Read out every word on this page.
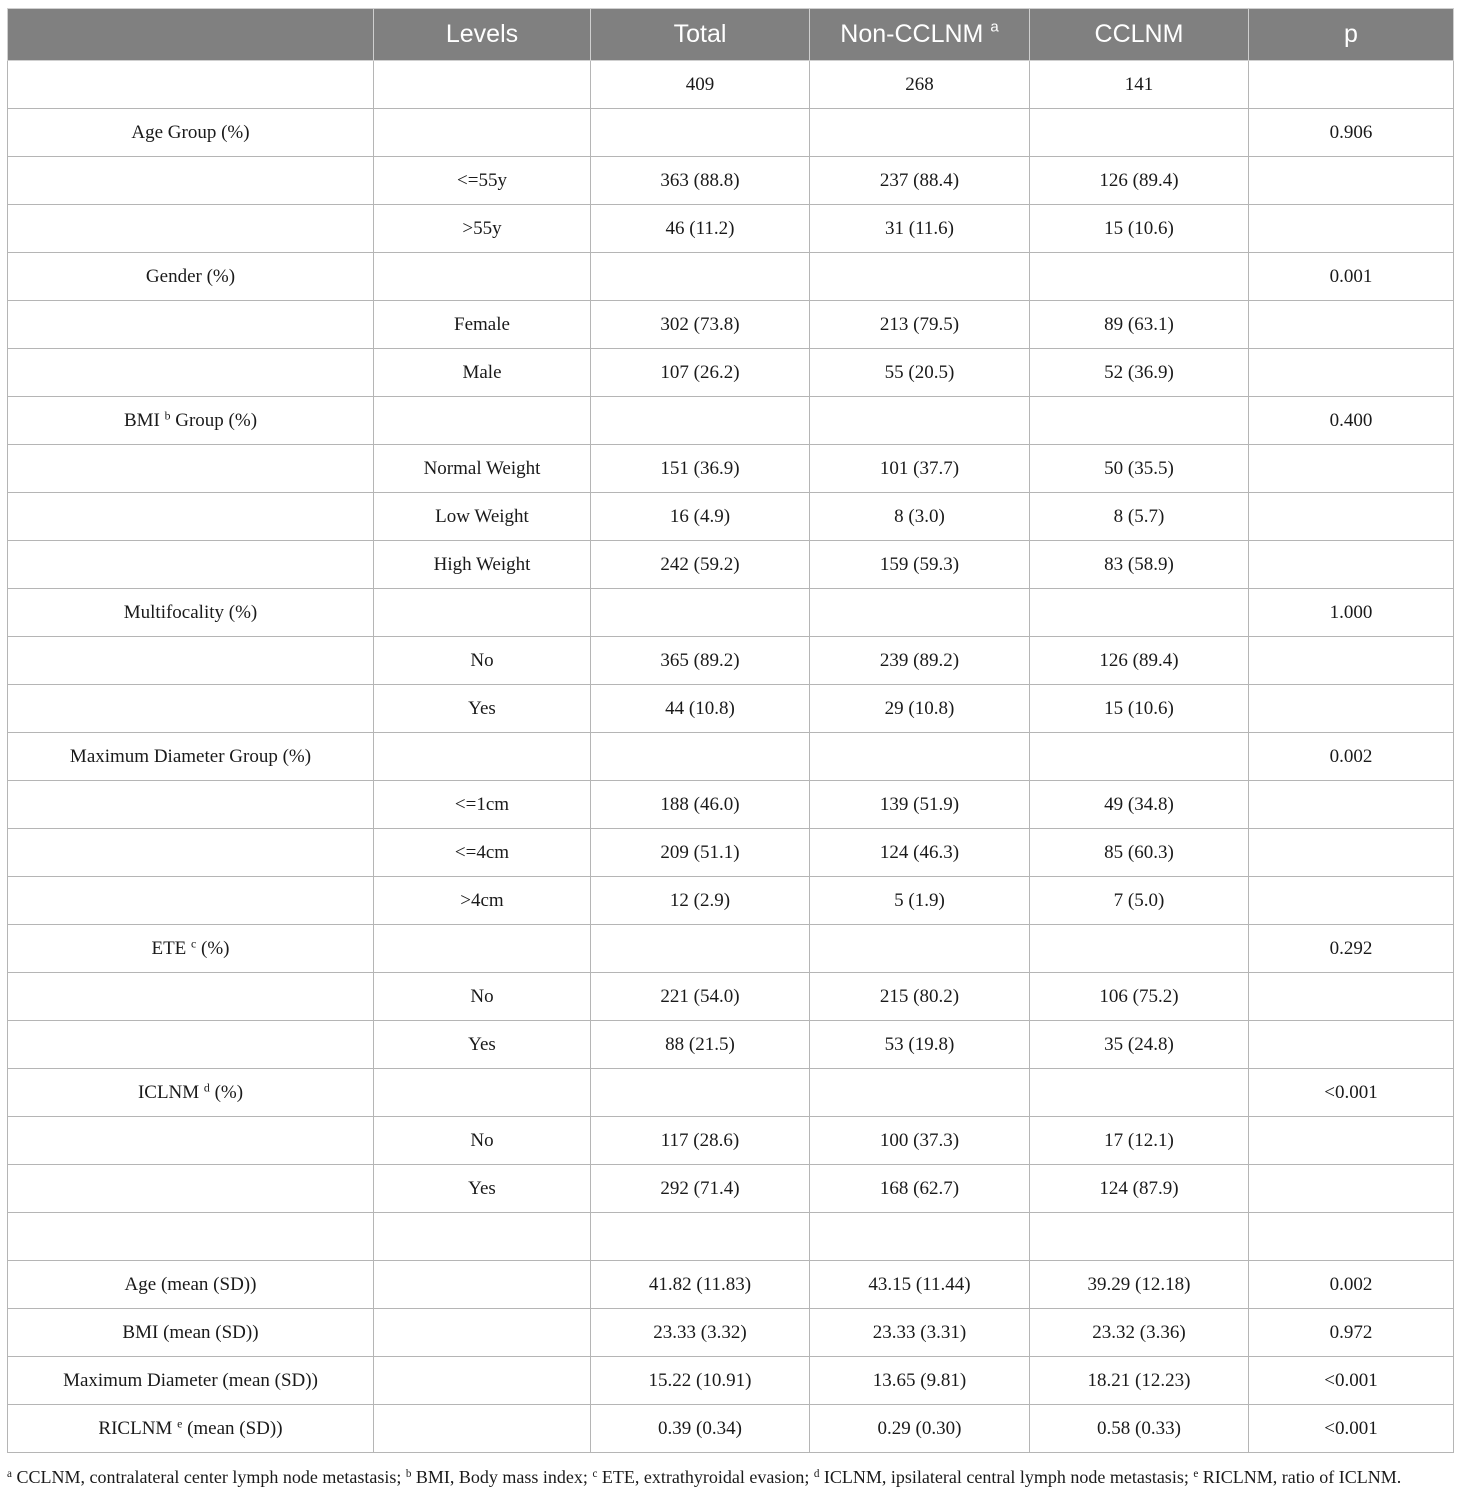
	Levels	Total	Non-CCLNM $^a$	CCLNM	p
		409	268	141	
Age Group (%)					0.906
	<=55y	363 (88.8)	237 (88.4)	126 (89.4)	
	>55y	46 (11.2)	31 (11.6)	15 (10.6)	
Gender (%)					0.001
	Female	302 (73.8)	213 (79.5)	89 (63.1)	
	Male	107 (26.2)	55 (20.5)	52 (36.9)	
BMI $^b$ Group (%)					0.400
	Normal Weight	151 (36.9)	101 (37.7)	50 (35.5)	
	Low Weight	16 (4.9)	8 (3.0)	8 (5.7)	
	High Weight	242 (59.2)	159 (59.3)	83 (58.9)	
Multifocality (%)					1.000
	No	365 (89.2)	239 (89.2)	126 (89.4)	
	Yes	44 (10.8)	29 (10.8)	15 (10.6)	
Maximum Diameter Group (%)					0.002
	<=1cm	188 (46.0)	139 (51.9)	49 (34.8)	
	<=4cm	209 (51.1)	124 (46.3)	85 (60.3)	
	>4cm	12 (2.9)	5 (1.9)	7 (5.0)	
ETE $^c$ (%)					0.292
	No	221 (54.0)	215 (80.2)	106 (75.2)	
	Yes	88 (21.5)	53 (19.8)	35 (24.8)	
ICLNM $^d$ (%)					<0.001
	No	117 (28.6)	100 (37.3)	17 (12.1)	
	Yes	292 (71.4)	168 (62.7)	124 (87.9)	

Age (mean (SD))		41.82 (11.83)	43.15 (11.44)	39.29 (12.18)	0.002
BMI (mean (SD))		23.33 (3.32)	23.33 (3.31)	23.32 (3.36)	0.972
Maximum Diameter (mean (SD))		15.22 (10.91)	13.65 (9.81)	18.21 (12.23)	<0.001
RICLNM $^e$ (mean (SD))		0.39 (0.34)	0.29 (0.30)	0.58 (0.33)	<0.001
$^a$ CCLNM, contralateral center lymph node metastasis; $^b$ BMI, Body mass index; $^c$ ETE, extrathyroidal evasion; $^d$ ICLNM, ipsilateral central lymph node metastasis; $^e$ RICLNM, ratio of ICLNM.
